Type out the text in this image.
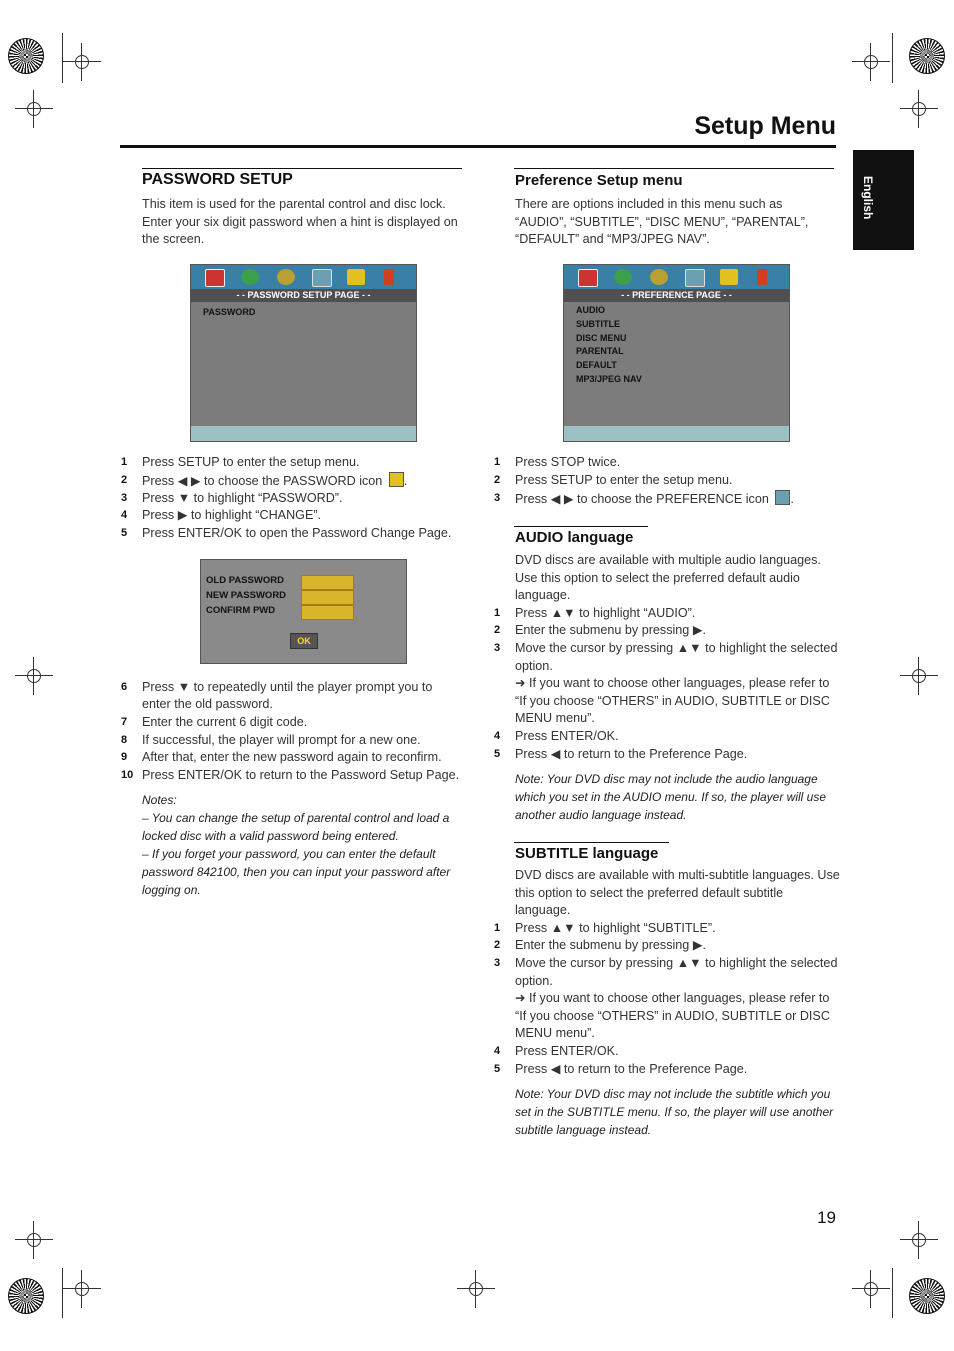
Setup Menu
English
PASSWORD SETUP
This item is used for the parental control and disc lock.
Enter your six digit password when a hint is displayed on
the screen.
- - PASSWORD SETUP PAGE - -
PASSWORD
1 Press SETUP to enter the setup menu.
2 Press ◀ ▶ to choose the PASSWORD icon .
3 Press ▼ to highlight “PASSWORD”.
4 Press ▶ to highlight “CHANGE”.
5 Press ENTER/OK to open the Password Change Page.
OLD PASSWORD
NEW PASSWORD
CONFIRM PWD
OK
6 Press ▼ to repeatedly until the player prompt you to
enter the old password.
7 Enter the current 6 digit code.
8 If successful, the player will prompt for a new one.
9 After that, enter the new password again to reconfirm.
10 Press ENTER/OK to return to the Password Setup Page.
Notes:
– You can change the setup of parental control and load a
locked disc with a valid password being entered.
– If you forget your password, you can enter the default
password 842100, then you can input your password after
logging on.
Preference Setup menu
There are options included in this menu such as
“AUDIO”, “SUBTITLE”, “DISC MENU”, “PARENTAL”,
“DEFAULT” and “MP3/JPEG NAV”.
- - PREFERENCE PAGE - -
AUDIO
SUBTITLE
DISC MENU
PARENTAL
DEFAULT
MP3/JPEG NAV
1 Press STOP twice.
2 Press SETUP to enter the setup menu.
3 Press ◀ ▶ to choose the PREFERENCE icon .
AUDIO language
DVD discs are available with multiple audio languages.
Use this option to select the preferred default audio
language.
1 Press ▲▼ to highlight “AUDIO”.
2 Enter the submenu by pressing ▶.
3 Move the cursor by pressing ▲▼ to highlight the selected
option.
➜ If you want to choose other languages, please refer to
“If you choose “OTHERS” in AUDIO, SUBTITLE or DISC
MENU menu”.
4 Press ENTER/OK.
5 Press ◀ to return to the Preference Page.
Note: Your DVD disc may not include the audio language
which you set in the AUDIO menu. If so, the player will use
another audio language instead.
SUBTITLE language
DVD discs are available with multi-subtitle languages. Use
this option to select the preferred default subtitle
language.
1 Press ▲▼ to highlight “SUBTITLE”.
2 Enter the submenu by pressing ▶.
3 Move the cursor by pressing ▲▼ to highlight the selected
option.
➜ If you want to choose other languages, please refer to
“If you choose “OTHERS” in AUDIO, SUBTITLE or DISC
MENU menu”.
4 Press ENTER/OK.
5 Press ◀ to return to the Preference Page.
Note: Your DVD disc may not include the subtitle which you
set in the SUBTITLE menu. If so, the player will use another
subtitle language instead.
19
